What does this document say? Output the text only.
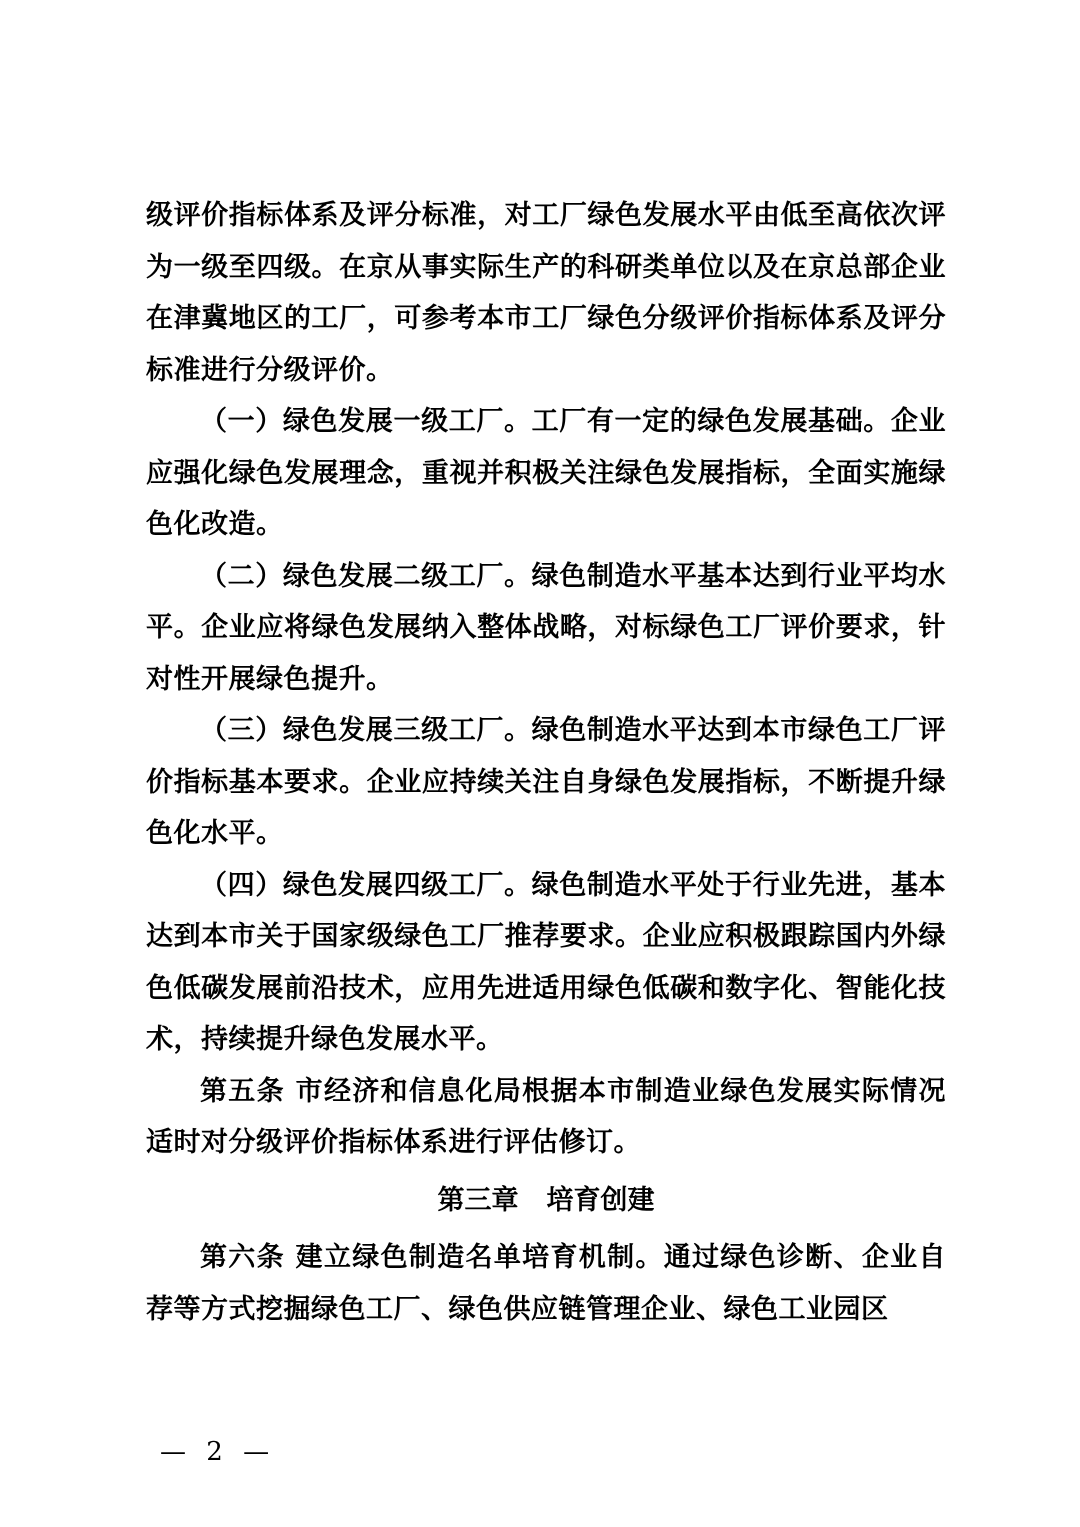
级评价指标体系及评分标准，对工厂绿色发展水平由低至高依次评为一级至四级。在京从事实际生产的科研类单位以及在京总部企业在津冀地区的工厂，可参考本市工厂绿色分级评价指标体系及评分标准进行分级评价。

（一）绿色发展一级工厂。工厂有一定的绿色发展基础。企业应强化绿色发展理念，重视并积极关注绿色发展指标，全面实施绿色化改造。

（二）绿色发展二级工厂。绿色制造水平基本达到行业平均水平。企业应将绿色发展纳入整体战略，对标绿色工厂评价要求，针对性开展绿色提升。

（三）绿色发展三级工厂。绿色制造水平达到本市绿色工厂评价指标基本要求。企业应持续关注自身绿色发展指标，不断提升绿色化水平。

（四）绿色发展四级工厂。绿色制造水平处于行业先进，基本达到本市关于国家级绿色工厂推荐要求。企业应积极跟踪国内外绿色低碳发展前沿技术，应用先进适用绿色低碳和数字化、智能化技术，持续提升绿色发展水平。

第五条 市经济和信息化局根据本市制造业绿色发展实际情况适时对分级评价指标体系进行评估修订。

第三章 培育创建

第六条 建立绿色制造名单培育机制。通过绿色诊断、企业自荐等方式挖掘绿色工厂、绿色供应链管理企业、绿色工业园区

— 2 —
